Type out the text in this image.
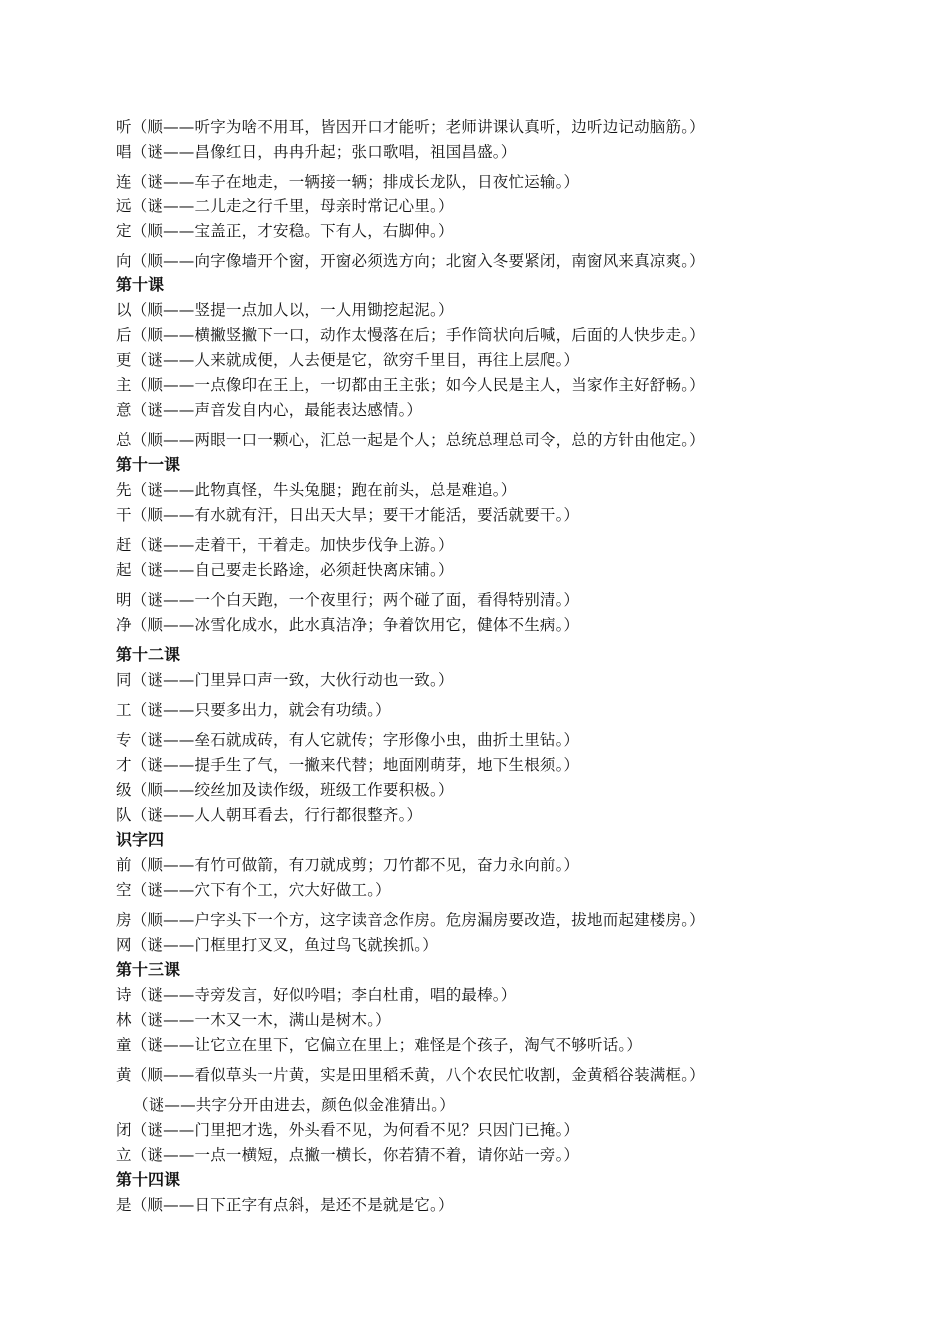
听（顺——听字为啥不用耳，皆因开口才能听；老师讲课认真听，边听边记动脑筋。）
唱（谜——昌像红日，冉冉升起；张口歌唱，祖国昌盛。）
连（谜——车子在地走，一辆接一辆；排成长龙队，日夜忙运输。）
远（谜——二儿走之行千里，母亲时常记心里。）
定（顺——宝盖正，才安稳。下有人，右脚伸。）
向（顺——向字像墙开个窗，开窗必须选方向；北窗入冬要紧闭，南窗风来真凉爽。）
第十课
以（顺——竖提一点加人以，一人用锄挖起泥。）
后（顺——横撇竖撇下一口，动作太慢落在后；手作筒状向后喊，后面的人快步走。）
更（谜——人来就成便，人去便是它，欲穷千里目，再往上层爬。）
主（顺——一点像印在王上，一切都由王主张；如今人民是主人，当家作主好舒畅。）
意（谜——声音发自内心，最能表达感情。）
总（顺——两眼一口一颗心，汇总一起是个人；总统总理总司令，总的方针由他定。）
第十一课
先（谜——此物真怪，牛头兔腿；跑在前头，总是难追。）
干（顺——有水就有汗，日出天大旱；要干才能活，要活就要干。）
赶（谜——走着干，干着走。加快步伐争上游。）
起（谜——自己要走长路途，必须赶快离床铺。）
明（谜——一个白天跑，一个夜里行；两个碰了面，看得特别清。）
净（顺——冰雪化成水，此水真洁净；争着饮用它，健体不生病。）
第十二课
同（谜——门里异口声一致，大伙行动也一致。）
工（谜——只要多出力，就会有功绩。）
专（谜——垒石就成砖，有人它就传；字形像小虫，曲折土里钻。）
才（谜——提手生了气，一撇来代替；地面刚萌芽，地下生根须。）
级（顺——绞丝加及读作级，班级工作要积极。）
队（谜——人人朝耳看去，行行都很整齐。）
识字四
前（顺——有竹可做箭，有刀就成剪；刀竹都不见，奋力永向前。）
空（谜——穴下有个工，穴大好做工。）
房（顺——户字头下一个方，这字读音念作房。危房漏房要改造，拔地而起建楼房。）
网（谜——门框里打叉叉，鱼过鸟飞就挨抓。）
第十三课
诗（谜——寺旁发言，好似吟唱；李白杜甫，唱的最棒。）
林（谜——一木又一木，满山是树木。）
童（谜——让它立在里下，它偏立在里上；难怪是个孩子，淘气不够听话。）
黄（顺——看似草头一片黄，实是田里稻禾黄，八个农民忙收割，金黄稻谷装满框。）
（谜——共字分开由进去，颜色似金准猜出。）
闭（谜——门里把才选，外头看不见，为何看不见？只因门已掩。）
立（谜——一点一横短，点撇一横长，你若猜不着，请你站一旁。）
第十四课
是（顺——日下正字有点斜，是还不是就是它。）
